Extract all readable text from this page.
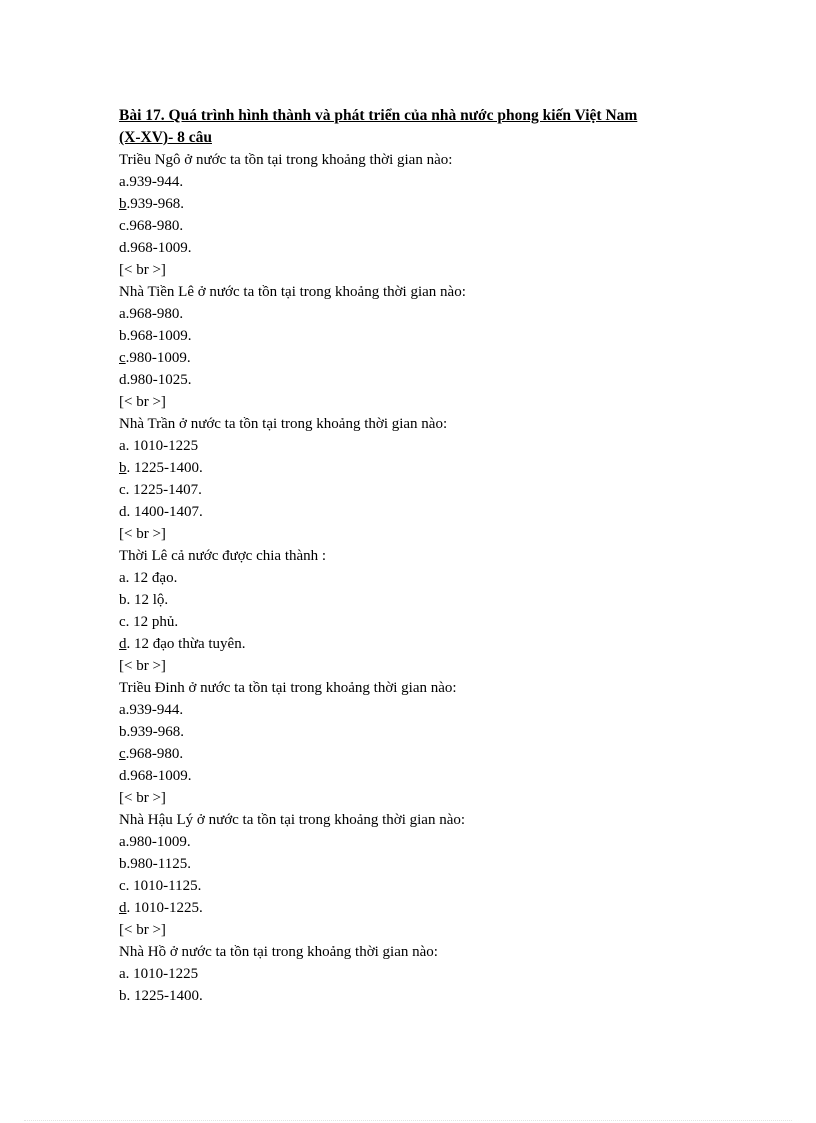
Bài 17. Quá trình hình thành và phát triển của nhà nước phong kiến Việt Nam
(X-XV)- 8 câu
Triều Ngô ở nước ta tồn tại trong khoảng thời gian nào:
a.939-944.
b.939-968.
c.968-980.
d.968-1009.
[< br >]
Nhà Tiền Lê ở nước ta tồn tại trong khoảng thời gian nào:
a.968-980.
b.968-1009.
c.980-1009.
d.980-1025.
[< br >]
Nhà Trần ở nước ta tồn tại trong khoảng thời gian nào:
a. 1010-1225
b. 1225-1400.
c. 1225-1407.
d. 1400-1407.
[< br >]
Thời Lê cả nước được chia thành :
a. 12 đạo.
b. 12 lộ.
c. 12 phủ.
d. 12 đạo thừa tuyên.
[< br >]
Triều Đinh ở nước ta tồn tại trong khoảng thời gian nào:
a.939-944.
b.939-968.
c.968-980.
d.968-1009.
[< br >]
Nhà Hậu Lý ở nước ta tồn tại trong khoảng thời gian nào:
a.980-1009.
b.980-1125.
c. 1010-1125.
d. 1010-1225.
[< br >]
Nhà Hồ ở nước ta tồn tại trong khoảng thời gian nào:
a. 1010-1225
b. 1225-1400.
